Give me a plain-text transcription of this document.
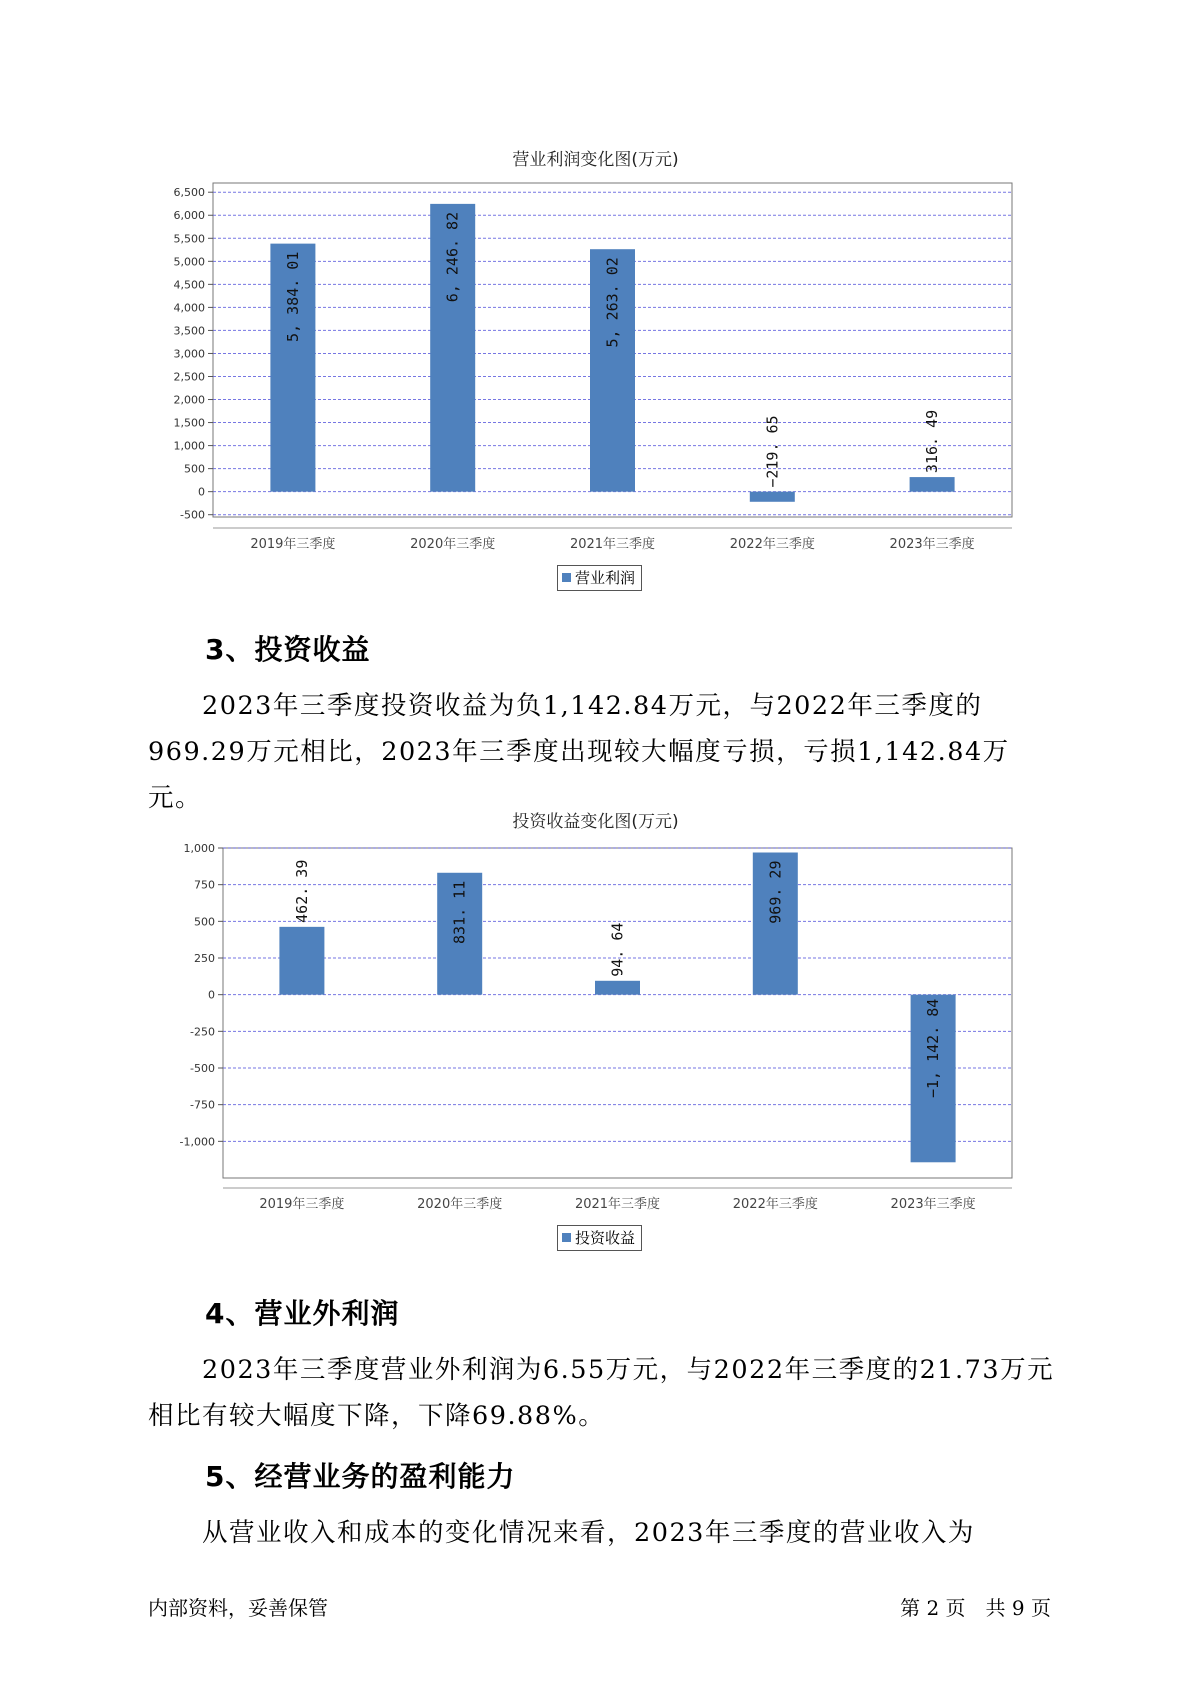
营业利润变化图(万元)
6,500
6,000
5,500
5,000
4,500
4,000
3,500
3,000
2,500
2,000
1,500
1,000
500
0
-500
2019年三季度
5, 384. 01
2020年三季度
6, 246. 82
2021年三季度
5, 263. 02
2022年三季度
−219. 65
2023年三季度
316. 49
营业利润
3、投资收益

2023年三季度投资收益为负1,142.84万元，与2022年三季度的969.29万元相比，2023年三季度出现较大幅度亏损，亏损1,142.84万元。

投资收益变化图(万元)
1,000
750
500
250
0
-250
-500
-750
-1,000
2019年三季度
462. 39
2020年三季度
831. 11
2021年三季度
94. 64
2022年三季度
969. 29
2023年三季度
−1, 142. 84
投资收益
4、营业外利润

2023年三季度营业外利润为6.55万元，与2022年三季度的21.73万元相比有较大幅度下降，下降69.88%。

5、经营业务的盈利能力

从营业收入和成本的变化情况来看，2023年三季度的营业收入为

内部资料，妥善保管	第 2 页　共 9 页
